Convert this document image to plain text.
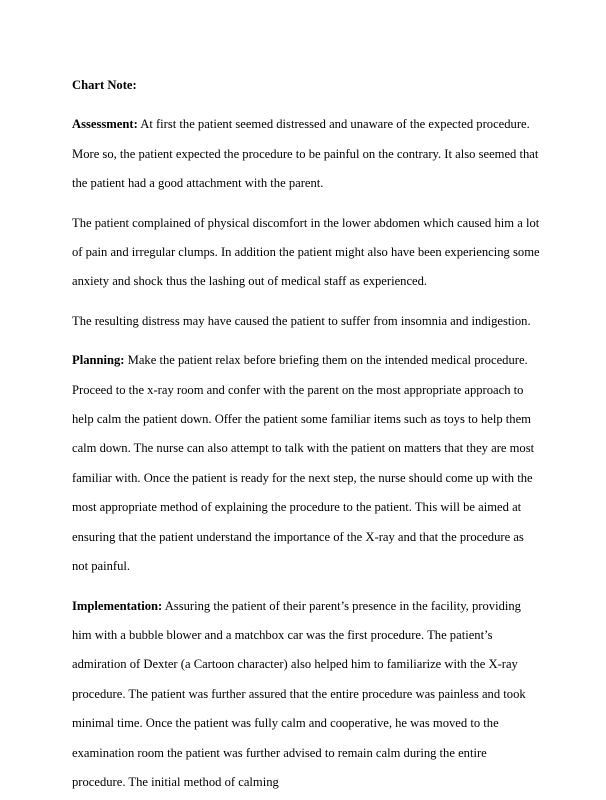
Chart Note:

Assessment: At first the patient seemed distressed and unaware of the expected procedure. More so, the patient expected the procedure to be painful on the contrary. It also seemed that the patient had a good attachment with the parent.

The patient complained of physical discomfort in the lower abdomen which caused him a lot of pain and irregular clumps. In addition the patient might also have been experiencing some anxiety and shock thus the lashing out of medical staff as experienced.

The resulting distress may have caused the patient to suffer from insomnia and indigestion.

Planning: Make the patient relax before briefing them on the intended medical procedure. Proceed to the x-ray room and confer with the parent on the most appropriate approach to help calm the patient down. Offer the patient some familiar items such as toys to help them calm down. The nurse can also attempt to talk with the patient on matters that they are most familiar with. Once the patient is ready for the next step, the nurse should come up with the most appropriate method of explaining the procedure to the patient. This will be aimed at ensuring that the patient understand the importance of the X-ray and that the procedure as not painful.

Implementation: Assuring the patient of their parent’s presence in the facility, providing him with a bubble blower and a matchbox car was the first procedure. The patient’s admiration of Dexter (a Cartoon character) also helped him to familiarize with the X-ray procedure. The patient was further assured that the entire procedure was painless and took minimal time. Once the patient was fully calm and cooperative, he was moved to the examination room the patient was further advised to remain calm during the entire procedure. The initial method of calming
